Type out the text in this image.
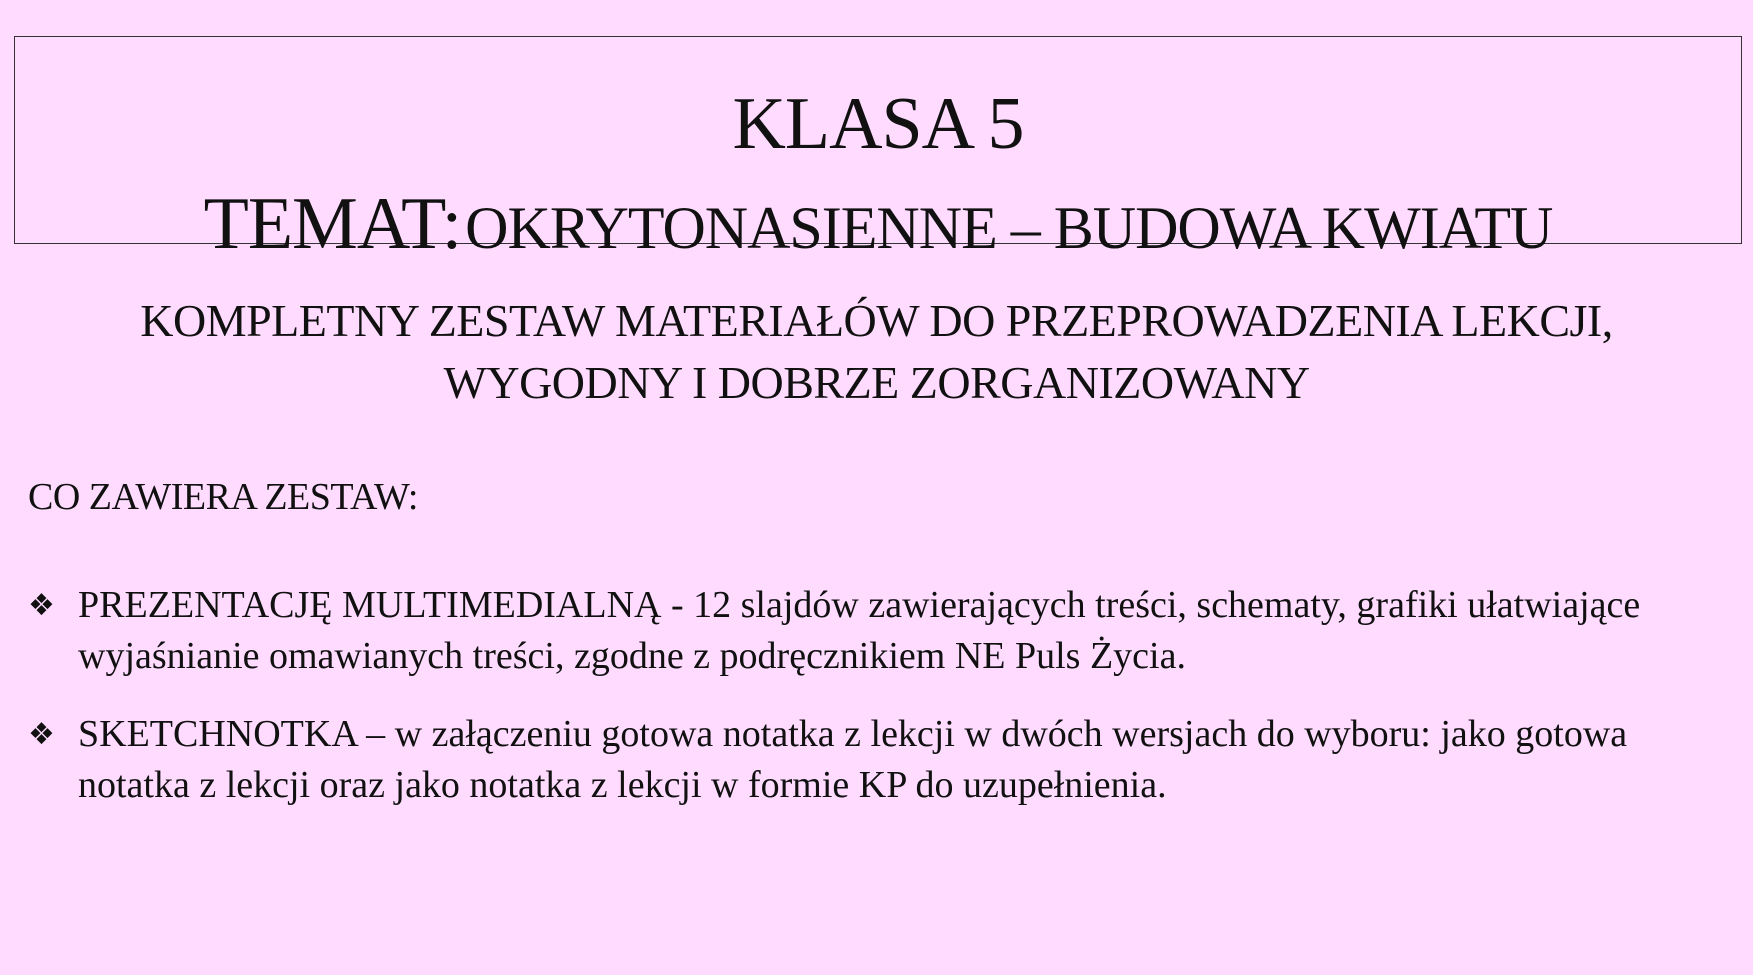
KLASA 5
TEMAT: OKRYTONASIENNE – BUDOWA KWIATU
KOMPLETNY ZESTAW MATERIAŁÓW DO PRZEPROWADZENIA LEKCJI,
WYGODNY I DOBRZE ZORGANIZOWANY
CO ZAWIERA ZESTAW:
❖ PREZENTACJĘ MULTIMEDIALNĄ - 12 slajdów zawierających treści, schematy, grafiki ułatwiające wyjaśnianie omawianych treści, zgodne z podręcznikiem NE Puls Życia.
❖ SKETCHNOTKA – w załączeniu gotowa notatka z lekcji w dwóch wersjach do wyboru: jako gotowa notatka z lekcji oraz jako notatka z lekcji w formie KP do uzupełnienia.
